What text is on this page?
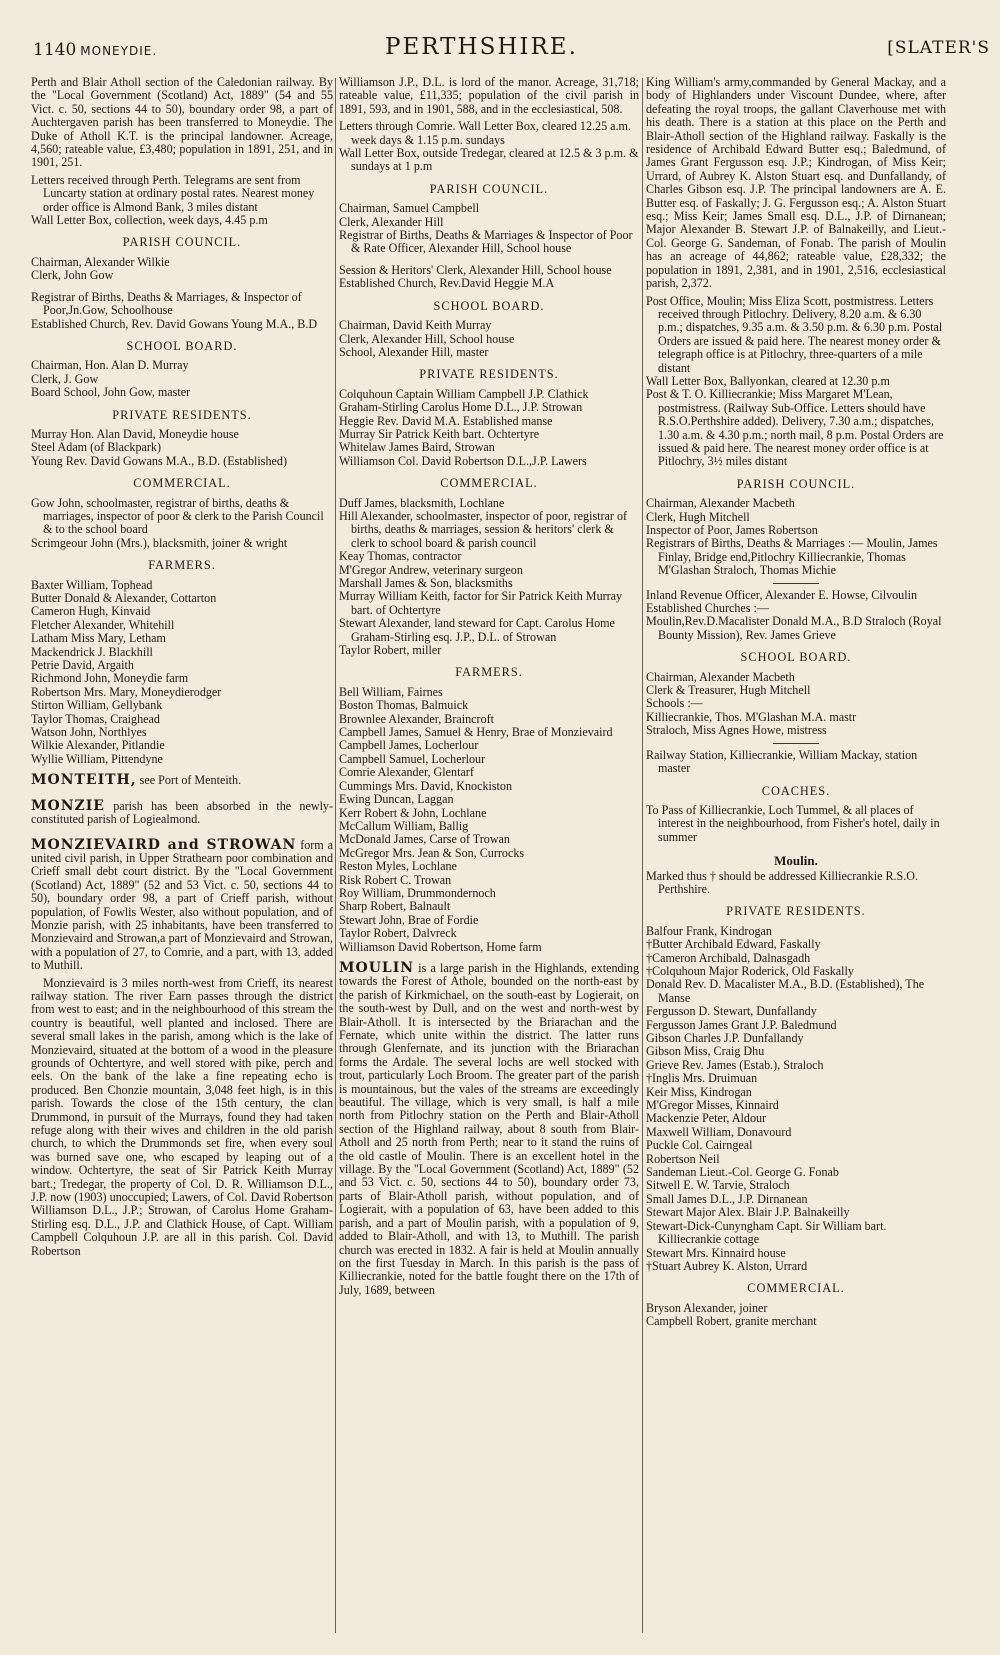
1140 MONEYDIE.	PERTHSHIRE.	[SLATER'S

Perth and Blair Atholl section of the Caledonian railway. By the "Local Government (Scotland) Act, 1889" (54 and 55 Vict. c. 50, sections 44 to 50), boundary order 98, a part of Auchtergaven parish has been transferred to Moneydie. The Duke of Atholl K.T. is the principal landowner. Acreage, 4,560; rateable value, £3,480; population in 1891, 251, and in 1901, 251.

Letters received through Perth. Telegrams are sent from Luncarty station at ordinary postal rates. Nearest money order office is Almond Bank, 3 miles distant

Wall Letter Box, collection, week days, 4.45 p.m

PARISH COUNCIL.

Chairman, Alexander Wilkie

Clerk, John Gow

Registrar of Births, Deaths & Marriages, & Inspector of Poor,Jn.Gow, Schoolhouse

Established Church, Rev. David Gowans Young M.A., B.D

SCHOOL BOARD.

Chairman, Hon. Alan D. Murray

Clerk, J. Gow

Board School, John Gow, master

PRIVATE RESIDENTS.

Murray Hon. Alan David, Moneydie house

Steel Adam (of Blackpark)

Young Rev. David Gowans M.A., B.D. (Established)

COMMERCIAL.

Gow John, schoolmaster, registrar of births, deaths & marriages, inspector of poor & clerk to the Parish Council & to the school board

Scrimgeour John (Mrs.), blacksmith, joiner & wright

FARMERS.

Baxter William, Tophead

Butter Donald & Alexander, Cottarton

Cameron Hugh, Kinvaid

Fletcher Alexander, Whitehill

Latham Miss Mary, Letham

Mackendrick J. Blackhill

Petrie David, Argaith

Richmond John, Moneydie farm

Robertson Mrs. Mary, Moneydierodger

Stirton William, Gellybank

Taylor Thomas, Craighead

Watson John, Northlyes

Wilkie Alexander, Pitlandie

Wyllie William, Pittendyne

MONTEITH, see Port of Menteith.

MONZIE parish has been absorbed in the newly-constituted parish of Logiealmond.

MONZIEVAIRD and STROWAN form a united civil parish, in Upper Strathearn poor combination and Crieff small debt court district. By the "Local Government (Scotland) Act, 1889" (52 and 53 Vict. c. 50, sections 44 to 50), boundary order 98, a part of Crieff parish, without population, of Fowlis Wester, also without population, and of Monzie parish, with 25 inhabitants, have been transferred to Monzievaird and Strowan,a part of Monzievaird and Strowan, with a population of 27, to Comrie, and a part, with 13, added to Muthill.

Monzievaird is 3 miles north-west from Crieff, its nearest railway station. The river Earn passes through the district from west to east; and in the neighbourhood of this stream the country is beautiful, well planted and inclosed. There are several small lakes in the parish, among which is the lake of Monzievaird, situated at the bottom of a wood in the pleasure grounds of Ochtertyre, and well stored with pike, perch and eels. On the bank of the lake a fine repeating echo is produced. Ben Chonzie mountain, 3,048 feet high, is in this parish. Towards the close of the 15th century, the clan Drummond, in pursuit of the Murrays, found they had taken refuge along with their wives and children in the old parish church, to which the Drummonds set fire, when every soul was burned save one, who escaped by leaping out of a window. Ochtertyre, the seat of Sir Patrick Keith Murray bart.; Tredegar, the property of Col. D. R. Williamson D.L., J.P. now (1903) unoccupied; Lawers, of Col. David Robertson Williamson D.L., J.P.; Strowan, of Carolus Home Graham-Stirling esq. D.L., J.P. and Clathick House, of Capt. William Campbell Colquhoun J.P. are all in this parish. Col. David Robertson

Williamson J.P., D.L. is lord of the manor. Acreage, 31,718; rateable value, £11,335; population of the civil parish in 1891, 593, and in 1901, 588, and in the ecclesiastical, 508.

Letters through Comrie. Wall Letter Box, cleared 12.25 a.m. week days & 1.15 p.m. sundays

Wall Letter Box, outside Tredegar, cleared at 12.5 & 3 p.m. & sundays at 1 p.m

PARISH COUNCIL.

Chairman, Samuel Campbell

Clerk, Alexander Hill

Registrar of Births, Deaths & Marriages & Inspector of Poor & Rate Officer, Alexander Hill, School house

Session & Heritors' Clerk, Alexander Hill, School house

Established Church, Rev.David Heggie M.A

SCHOOL BOARD.

Chairman, David Keith Murray

Clerk, Alexander Hill, School house

School, Alexander Hill, master

PRIVATE RESIDENTS.

Colquhoun Captain William Campbell J.P. Clathick

Graham-Stirling Carolus Home D.L., J.P. Strowan

Heggie Rev. David M.A. Established manse

Murray Sir Patrick Keith bart. Ochtertyre

Whitelaw James Baird, Strowan

Williamson Col. David Robertson D.L.,J.P. Lawers

COMMERCIAL.

Duff James, blacksmith, Lochlane

Hill Alexander, schoolmaster, inspector of poor, registrar of births, deaths & marriages, session & heritors' clerk & clerk to school board & parish council

Keay Thomas, contractor

M'Gregor Andrew, veterinary surgeon

Marshall James & Son, blacksmiths

Murray William Keith, factor for Sir Patrick Keith Murray bart. of Ochtertyre

Stewart Alexander, land steward for Capt. Carolus Home Graham-Stirling esq. J.P., D.L. of Strowan

Taylor Robert, miller

FARMERS.

Bell William, Fairnes

Boston Thomas, Balmuick

Brownlee Alexander, Braincroft

Campbell James, Samuel & Henry, Brae of Monzievaird

Campbell James, Locherlour

Campbell Samuel, Locherlour

Comrie Alexander, Glentarf

Cummings Mrs. David, Knockiston

Ewing Duncan, Laggan

Kerr Robert & John, Lochlane

McCallum William, Ballig

McDonald James, Carse of Trowan

McGregor Mrs. Jean & Son, Currocks

Reston Myles, Lochlane

Risk Robert C. Trowan

Roy William, Drummondernoch

Sharp Robert, Balnault

Stewart John, Brae of Fordie

Taylor Robert, Dalvreck

Williamson David Robertson, Home farm

MOULIN is a large parish in the Highlands, extending towards the Forest of Athole, bounded on the north-east by the parish of Kirkmichael, on the south-east by Logierait, on the south-west by Dull, and on the west and north-west by Blair-Atholl. It is intersected by the Briarachan and the Fernate, which unite within the district. The latter runs through Glenfernate, and its junction with the Briarachan forms the Ardale. The several lochs are well stocked with trout, particularly Loch Broom. The greater part of the parish is mountainous, but the vales of the streams are exceedingly beautiful. The village, which is very small, is half a mile north from Pitlochry station on the Perth and Blair-Atholl section of the Highland railway, about 8 south from Blair-Atholl and 25 north from Perth; near to it stand the ruins of the old castle of Moulin. There is an excellent hotel in the village. By the "Local Government (Scotland) Act, 1889" (52 and 53 Vict. c. 50, sections 44 to 50), boundary order 73, parts of Blair-Atholl parish, without population, and of Logierait, with a population of 63, have been added to this parish, and a part of Moulin parish, with a population of 9, added to Blair-Atholl, and with 13, to Muthill. The parish church was erected in 1832. A fair is held at Moulin annually on the first Tuesday in March. In this parish is the pass of Killiecrankie, noted for the battle fought there on the 17th of July, 1689, between

King William's army,commanded by General Mackay, and a body of Highlanders under Viscount Dundee, where, after defeating the royal troops, the gallant Claverhouse met with his death. There is a station at this place on the Perth and Blair-Atholl section of the Highland railway. Faskally is the residence of Archibald Edward Butter esq.; Baledmund, of James Grant Fergusson esq. J.P.; Kindrogan, of Miss Keir; Urrard, of Aubrey K. Alston Stuart esq. and Dunfallandy, of Charles Gibson esq. J.P. The principal landowners are A. E. Butter esq. of Faskally; J. G. Fergusson esq.; A. Alston Stuart esq.; Miss Keir; James Small esq. D.L., J.P. of Dirnanean; Major Alexander B. Stewart J.P. of Balnakeilly, and Lieut.-Col. George G. Sandeman, of Fonab. The parish of Moulin has an acreage of 44,862; rateable value, £28,332; the population in 1891, 2,381, and in 1901, 2,516, ecclesiastical parish, 2,372.

Post Office, Moulin; Miss Eliza Scott, postmistress. Letters received through Pitlochry. Delivery, 8.20 a.m. & 6.30 p.m.; dispatches, 9.35 a.m. & 3.50 p.m. & 6.30 p.m. Postal Orders are issued & paid here. The nearest money order & telegraph office is at Pitlochry, three-quarters of a mile distant

Wall Letter Box, Ballyonkan, cleared at 12.30 p.m

Post & T. O. Killiecrankie; Miss Margaret M'Lean, postmistress. (Railway Sub-Office. Letters should have R.S.O.Perthshire added). Delivery, 7.30 a.m.; dispatches, 1.30 a.m. & 4.30 p.m.; north mail, 8 p.m. Postal Orders are issued & paid here. The nearest money order office is at Pitlochry, 3½ miles distant

PARISH COUNCIL.

Chairman, Alexander Macbeth

Clerk, Hugh Mitchell

Inspector of Poor, James Robertson

Registrars of Births, Deaths & Marriages :— Moulin, James Finlay, Bridge end,Pitlochry Killiecrankie, Thomas M'Glashan Straloch, Thomas Michie

Inland Revenue Officer, Alexander E. Howse, Cilvoulin

Established Churches :—

Moulin,Rev.D.Macalister Donald M.A., B.D Straloch (Royal Bounty Mission), Rev. James Grieve

SCHOOL BOARD.

Chairman, Alexander Macbeth

Clerk & Treasurer, Hugh Mitchell

Schools :—

Killiecrankie, Thos. M'Glashan M.A. mastr

Straloch, Miss Agnes Howe, mistress

Railway Station, Killiecrankie, William Mackay, station master

COACHES.

To Pass of Killiecrankie, Loch Tummel, & all places of interest in the neighbourhood, from Fisher's hotel, daily in summer

Moulin.

Marked thus † should be addressed Killiecrankie R.S.O. Perthshire.

PRIVATE RESIDENTS.

Balfour Frank, Kindrogan

†Butter Archibald Edward, Faskally

†Cameron Archibald, Dalnasgadh

†Colquhoun Major Roderick, Old Faskally

Donald Rev. D. Macalister M.A., B.D. (Established), The Manse

Fergusson D. Stewart, Dunfallandy

Fergusson James Grant J.P. Baledmund

Gibson Charles J.P. Dunfallandy

Gibson Miss, Craig Dhu

Grieve Rev. James (Estab.), Straloch

†Inglis Mrs. Druimuan

Keir Miss, Kindrogan

M'Gregor Misses, Kinnaird

Mackenzie Peter, Aldour

Maxwell William, Donavourd

Puckle Col. Cairngeal

Robertson Neil

Sandeman Lieut.-Col. George G. Fonab

Sitwell E. W. Tarvie, Straloch

Small James D.L., J.P. Dirnanean

Stewart Major Alex. Blair J.P. Balnakeilly

Stewart-Dick-Cunyngham Capt. Sir William bart. Killiecrankie cottage

Stewart Mrs. Kinnaird house

†Stuart Aubrey K. Alston, Urrard

COMMERCIAL.

Bryson Alexander, joiner

Campbell Robert, granite merchant
